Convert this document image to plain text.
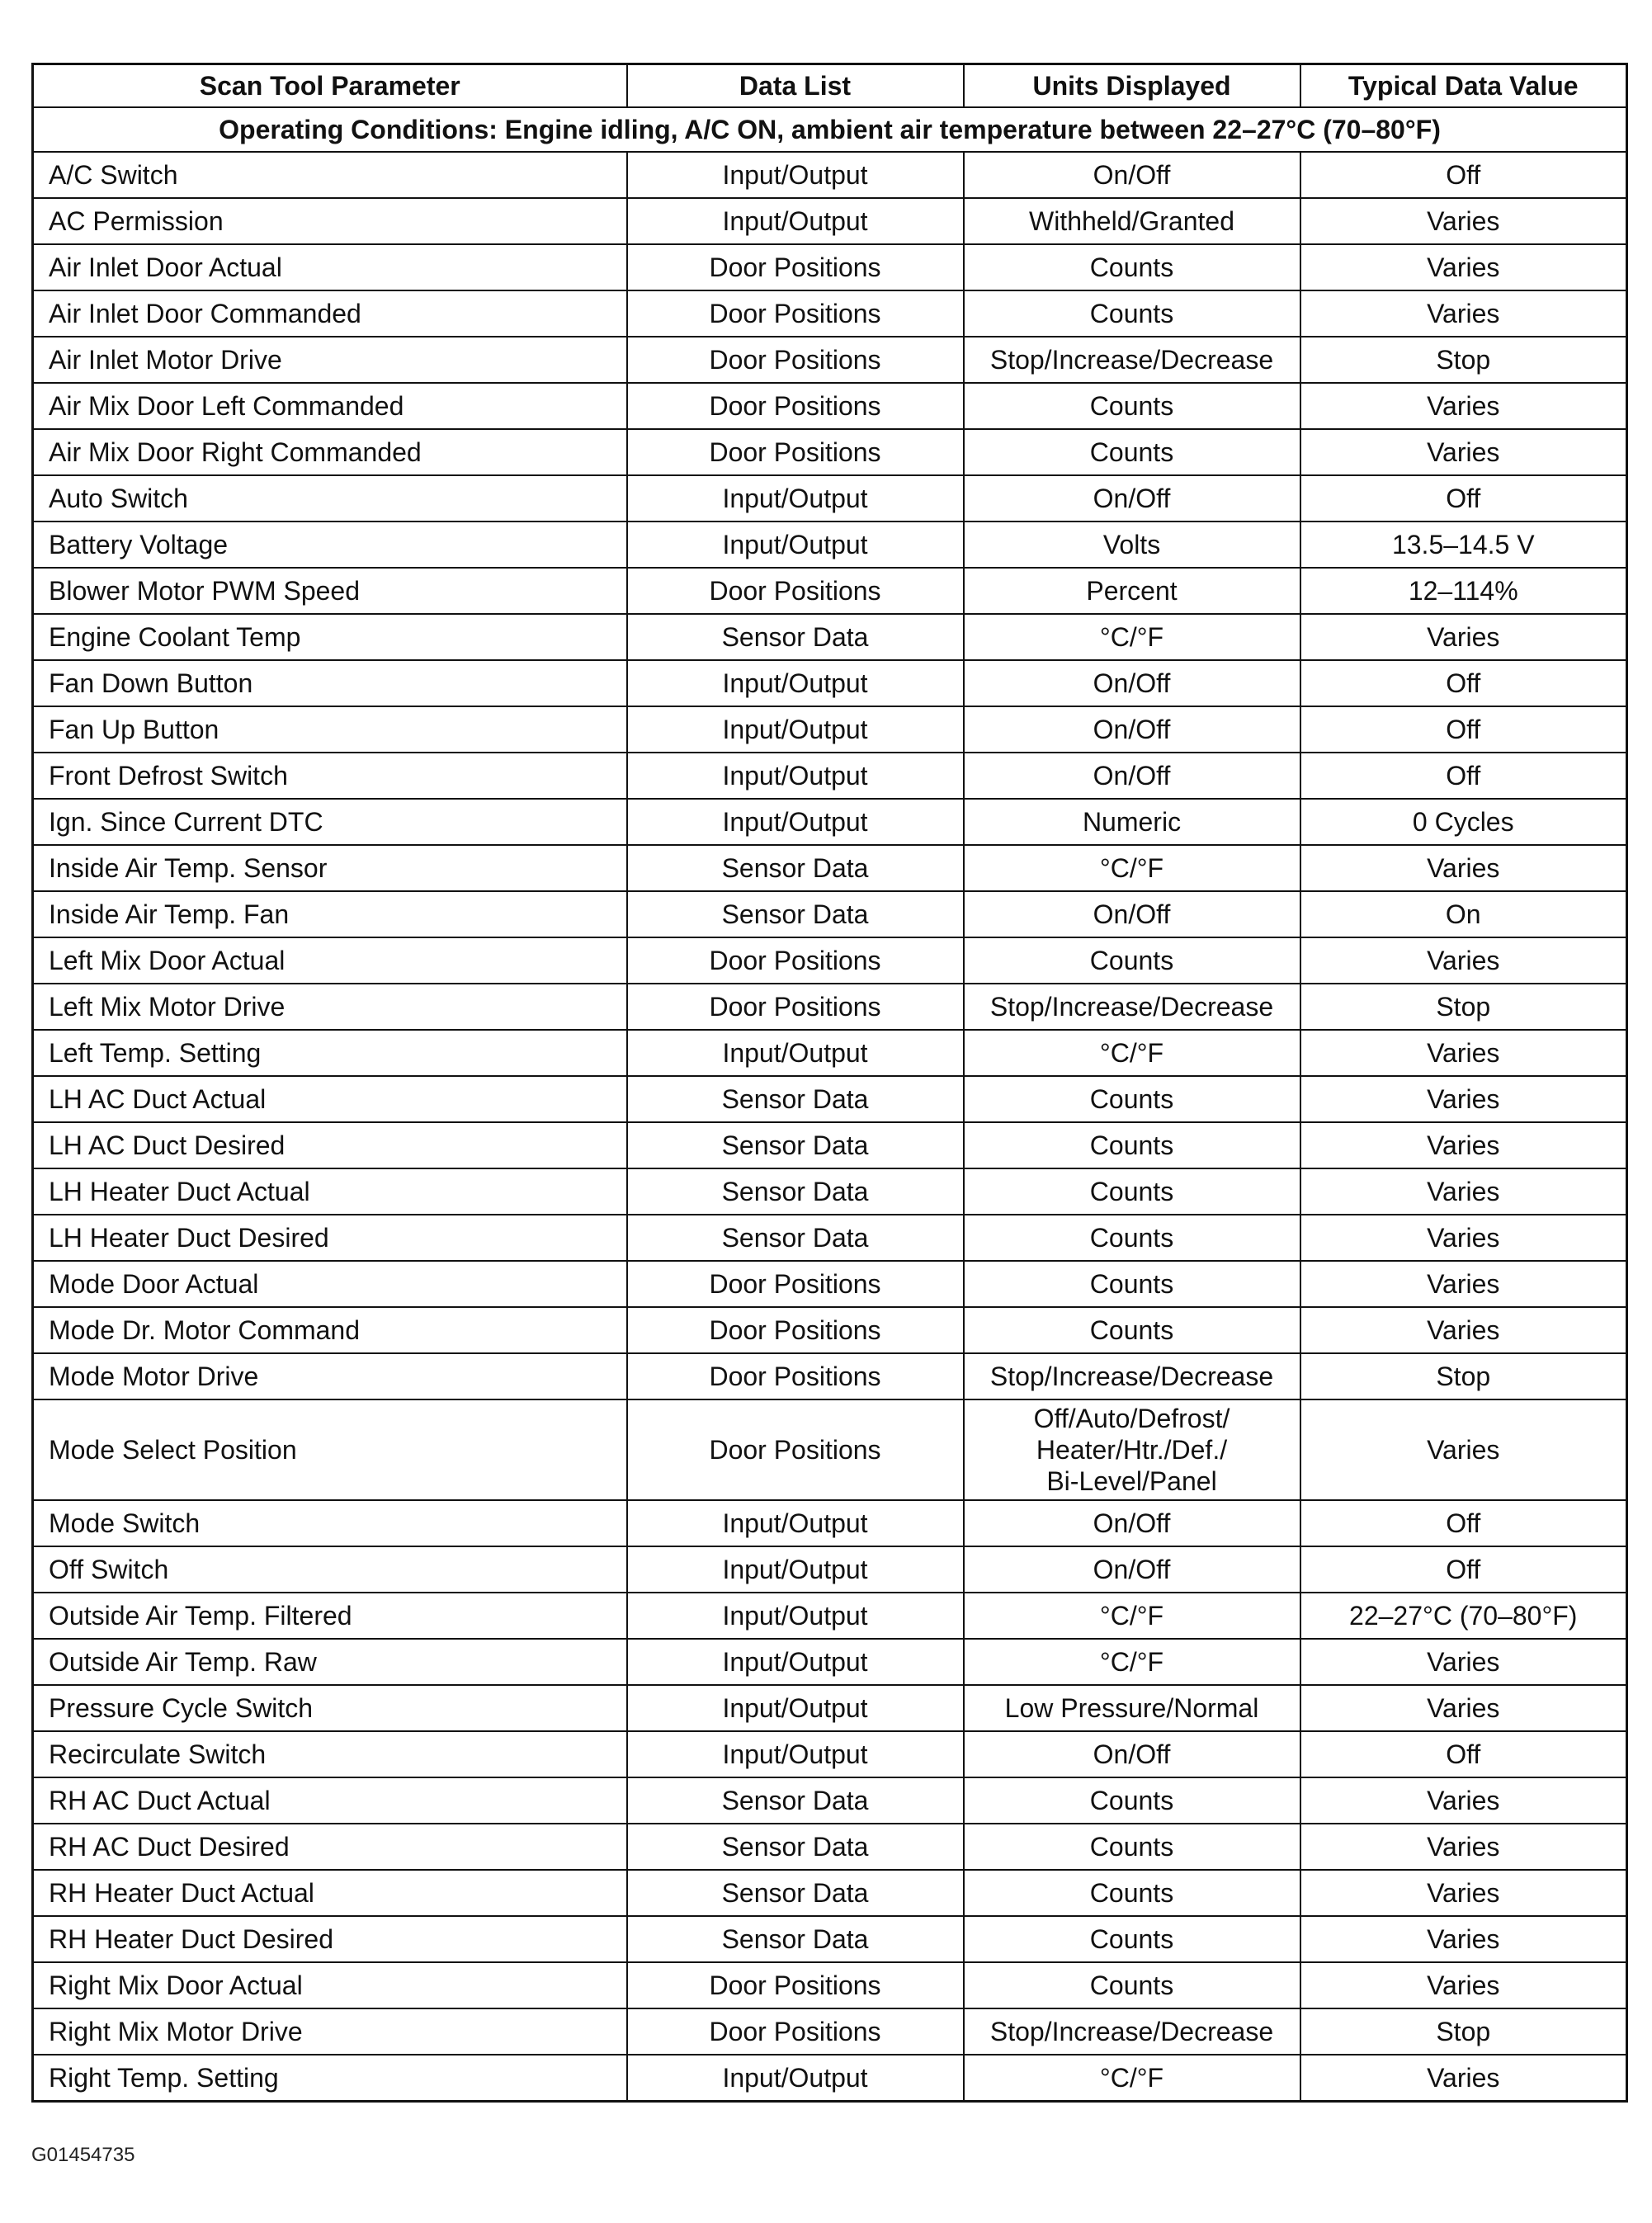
Scan Tool Parameter	Data List	Units Displayed	Typical Data Value
Operating Conditions: Engine idling, A/C ON, ambient air temperature between 22–27°C (70–80°F)			
A/C Switch	Input/Output	On/Off	Off
AC Permission	Input/Output	Withheld/Granted	Varies
Air Inlet Door Actual	Door Positions	Counts	Varies
Air Inlet Door Commanded	Door Positions	Counts	Varies
Air Inlet Motor Drive	Door Positions	Stop/Increase/Decrease	Stop
Air Mix Door Left Commanded	Door Positions	Counts	Varies
Air Mix Door Right Commanded	Door Positions	Counts	Varies
Auto Switch	Input/Output	On/Off	Off
Battery Voltage	Input/Output	Volts	13.5–14.5 V
Blower Motor PWM Speed	Door Positions	Percent	12–114%
Engine Coolant Temp	Sensor Data	°C/°F	Varies
Fan Down Button	Input/Output	On/Off	Off
Fan Up Button	Input/Output	On/Off	Off
Front Defrost Switch	Input/Output	On/Off	Off
Ign. Since Current DTC	Input/Output	Numeric	0 Cycles
Inside Air Temp. Sensor	Sensor Data	°C/°F	Varies
Inside Air Temp. Fan	Sensor Data	On/Off	On
Left Mix Door Actual	Door Positions	Counts	Varies
Left Mix Motor Drive	Door Positions	Stop/Increase/Decrease	Stop
Left Temp. Setting	Input/Output	°C/°F	Varies
LH AC Duct Actual	Sensor Data	Counts	Varies
LH AC Duct Desired	Sensor Data	Counts	Varies
LH Heater Duct Actual	Sensor Data	Counts	Varies
LH Heater Duct Desired	Sensor Data	Counts	Varies
Mode Door Actual	Door Positions	Counts	Varies
Mode Dr. Motor Command	Door Positions	Counts	Varies
Mode Motor Drive	Door Positions	Stop/Increase/Decrease	Stop
Mode Select Position	Door Positions	Off/Auto/Defrost/
Heater/Htr./Def./
Bi-Level/Panel	Varies
Mode Switch	Input/Output	On/Off	Off
Off Switch	Input/Output	On/Off	Off
Outside Air Temp. Filtered	Input/Output	°C/°F	22–27°C (70–80°F)
Outside Air Temp. Raw	Input/Output	°C/°F	Varies
Pressure Cycle Switch	Input/Output	Low Pressure/Normal	Varies
Recirculate Switch	Input/Output	On/Off	Off
RH AC Duct Actual	Sensor Data	Counts	Varies
RH AC Duct Desired	Sensor Data	Counts	Varies
RH Heater Duct Actual	Sensor Data	Counts	Varies
RH Heater Duct Desired	Sensor Data	Counts	Varies
Right Mix Door Actual	Door Positions	Counts	Varies
Right Mix Motor Drive	Door Positions	Stop/Increase/Decrease	Stop
Right Temp. Setting	Input/Output	°C/°F	Varies
G01454735
